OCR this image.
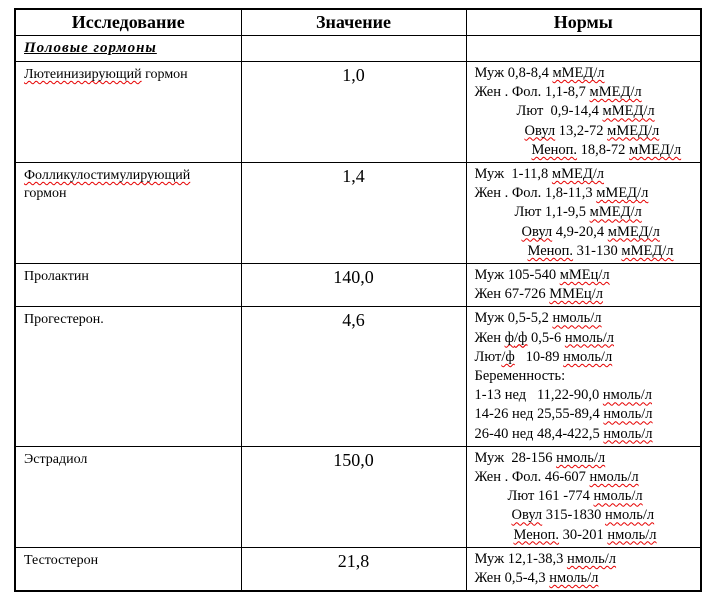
Исследование	Значение	Нормы
Половые гормоны		
Лютеинизирующий гормон	1,0	Муж 0,8-8,4 мМЕД/л
Жен . Фол. 1,1-8,7 мМЕД/л
Лют  0,9-14,4 мМЕД/л
Овул 13,2-72 мМЕД/л
Меноп. 18,8-72 мМЕД/л

Фолликулостимулирующий гормон	1,4	Муж  1-11,8 мМЕД/л
Жен . Фол. 1,8-11,3 мМЕД/л
Лют 1,1-9,5 мМЕД/л
Овул 4,9-20,4 мМЕД/л
Меноп. 31-130 мМЕД/л

Пролактин	140,0	Муж 105-540 мМЕц/л
Жен 67-726 ММЕц/л

Прогестерон.	4,6	Муж 0,5-5,2 нмоль/л
Жен ф/ф 0,5-6 нмоль/л
Лют/ф   10-89 нмоль/л
Беременность:
1-13 нед   11,22-90,0 нмоль/л
14-26 нед 25,55-89,4 нмоль/л
26-40 нед 48,4-422,5 нмоль/л

Эстрадиол	150,0	Муж  28-156 нмоль/л
Жен . Фол. 46-607 нмоль/л
Лют 161 -774 нмоль/л
Овул 315-1830 нмоль/л
Меноп. 30-201 нмоль/л

Тестостерон	21,8	Муж 12,1-38,3 нмоль/л
Жен 0,5-4,3 нмоль/л
